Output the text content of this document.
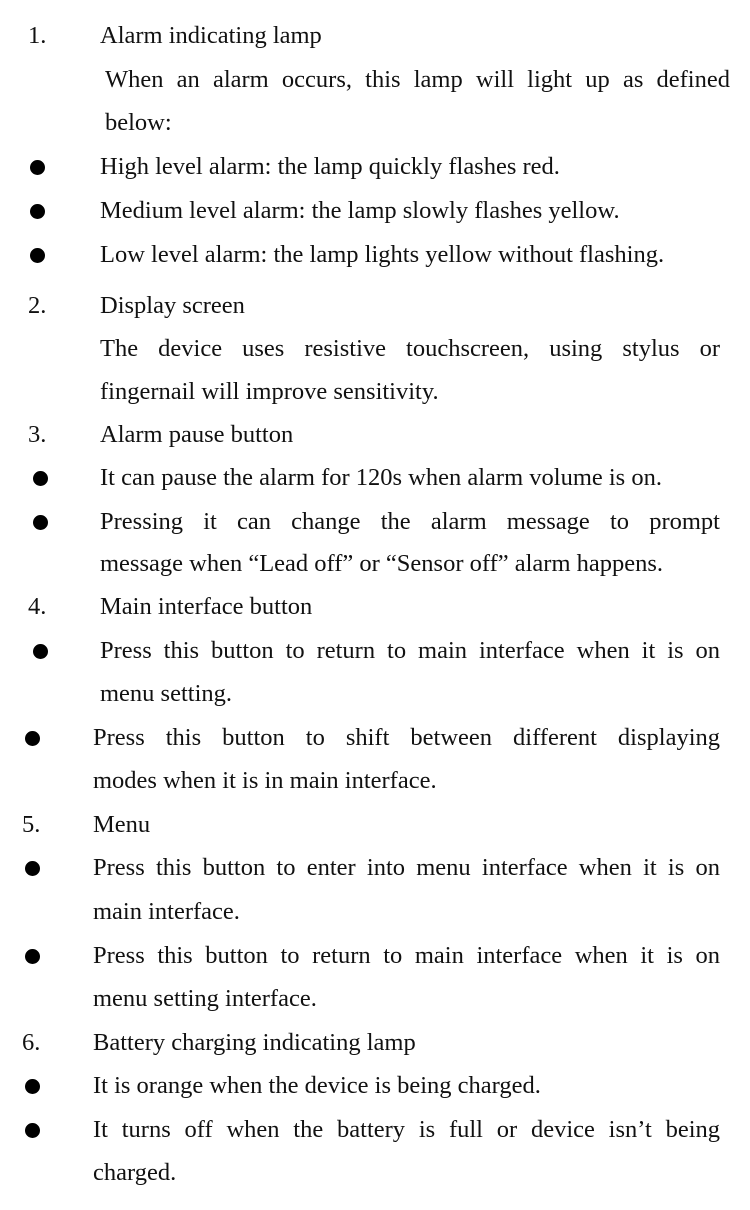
1. Alarm indicating lamp
When an alarm occurs, this lamp will light up as defined
below:
High level alarm: the lamp quickly flashes red.
Medium level alarm: the lamp slowly flashes yellow.
Low level alarm: the lamp lights yellow without flashing.
2. Display screen
The device uses resistive touchscreen, using stylus or
fingernail will improve sensitivity.
3. Alarm pause button
It can pause the alarm for 120s when alarm volume is on.
Pressing it can change the alarm message to prompt
message when “Lead off” or “Sensor off” alarm happens.
4. Main interface button
Press this button to return to main interface when it is on
menu setting.
Press this button to shift between different displaying
modes when it is in main interface.
5. Menu
Press this button to enter into menu interface when it is on
main interface.
Press this button to return to main interface when it is on
menu setting interface.
6. Battery charging indicating lamp
It is orange when the device is being charged.
It turns off when the battery is full or device isn’t being
charged.
